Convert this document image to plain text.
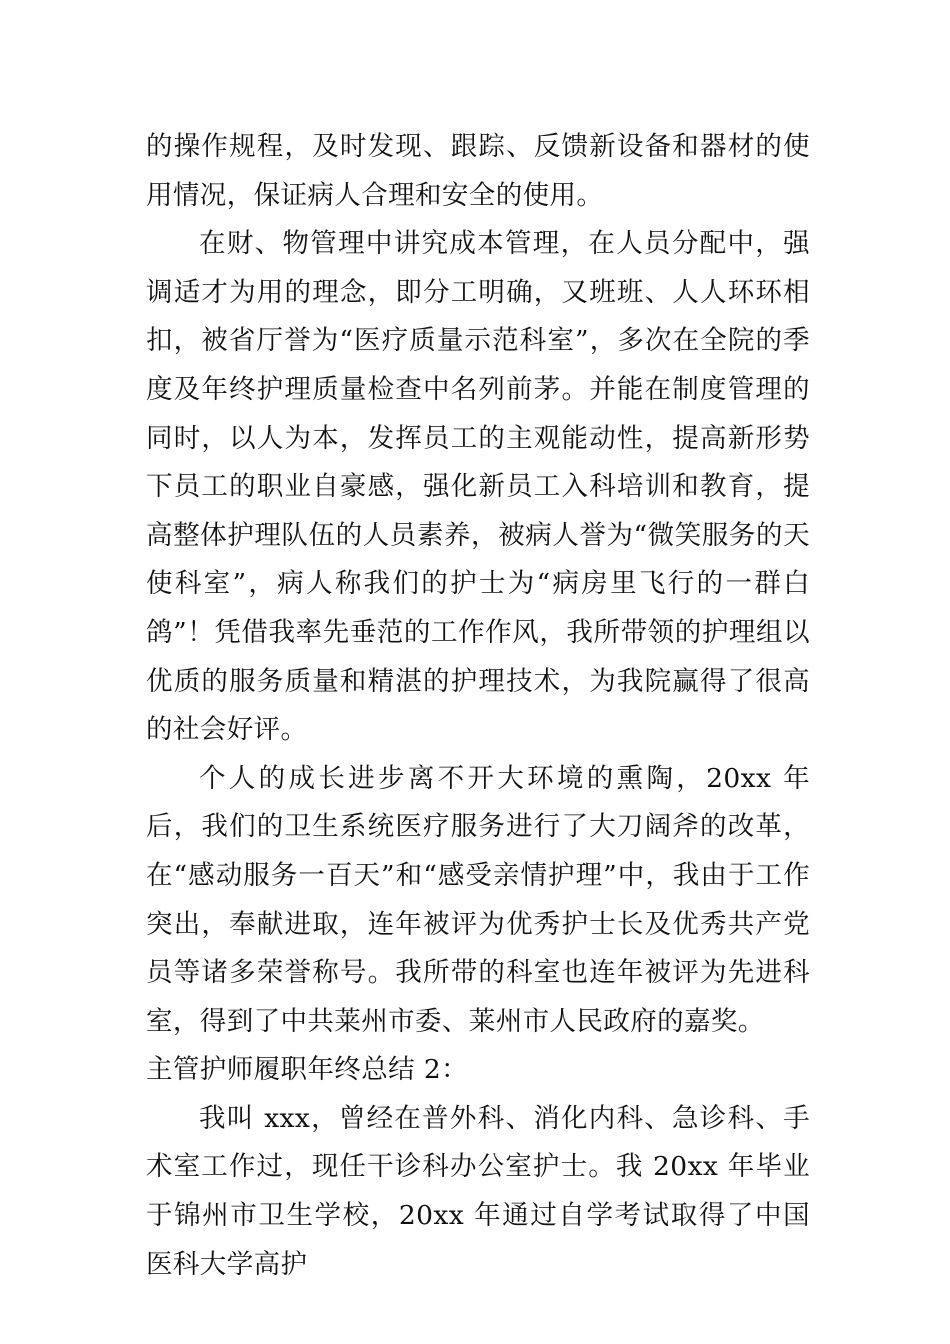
的操作规程，及时发现、跟踪、反馈新设备和器材的使用情况，保证病人合理和安全的使用。

在财、物管理中讲究成本管理，在人员分配中，强调适才为用的理念，即分工明确，又班班、人人环环相扣，被省厅誉为“医疗质量示范科室”，多次在全院的季度及年终护理质量检查中名列前茅。并能在制度管理的同时，以人为本，发挥员工的主观能动性，提高新形势下员工的职业自豪感，强化新员工入科培训和教育，提高整体护理队伍的人员素养，被病人誉为“微笑服务的天使科室”，病人称我们的护士为“病房里飞行的一群白鸽”！凭借我率先垂范的工作作风，我所带领的护理组以优质的服务质量和精湛的护理技术，为我院赢得了很高的社会好评。

个人的成长进步离不开大环境的熏陶，20xx 年后，我们的卫生系统医疗服务进行了大刀阔斧的改革，在“感动服务一百天”和“感受亲情护理”中，我由于工作突出，奉献进取，连年被评为优秀护士长及优秀共产党员等诸多荣誉称号。我所带的科室也连年被评为先进科室，得到了中共莱州市委、莱州市人民政府的嘉奖。

主管护师履职年终总结 2：

我叫 xxx，曾经在普外科、消化内科、急诊科、手术室工作过，现任干诊科办公室护士。我 20xx 年毕业于锦州市卫生学校，20xx 年通过自学考试取得了中国医科大学高护
